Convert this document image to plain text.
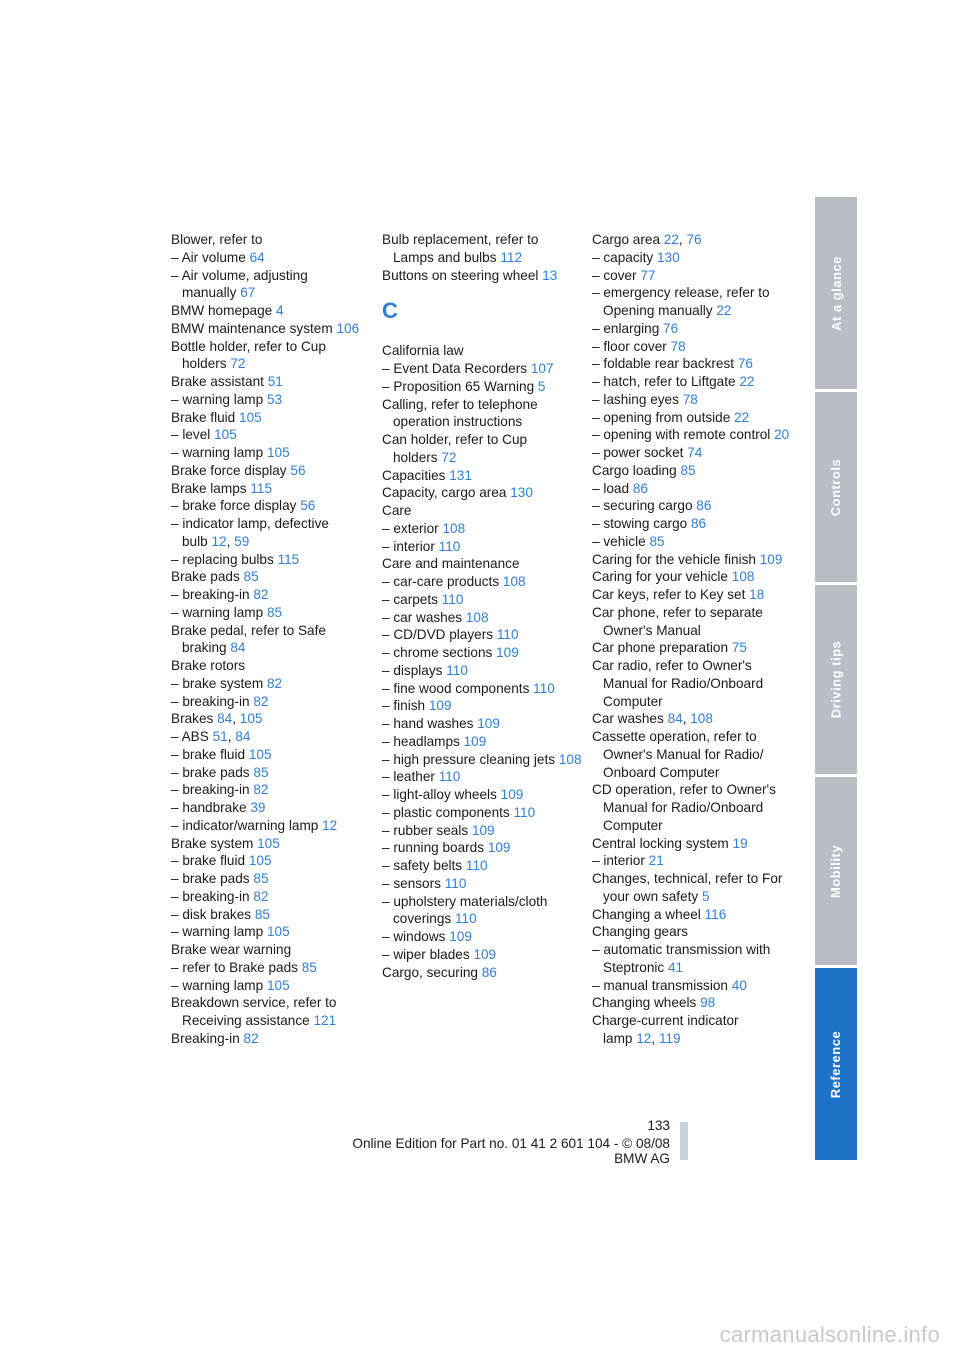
Blower, refer to

– Air volume 64

– Air volume, adjusting manually 67

BMW homepage 4

BMW maintenance system 106

Bottle holder, refer to Cup holders 72

Brake assistant 51

– warning lamp 53

Brake fluid 105

– level 105

– warning lamp 105

Brake force display 56

Brake lamps 115

– brake force display 56

– indicator lamp, defective bulb 12, 59

– replacing bulbs 115

Brake pads 85

– breaking-in 82

– warning lamp 85

Brake pedal, refer to Safe braking 84

Brake rotors

– brake system 82

– breaking-in 82

Brakes 84, 105

– ABS 51, 84

– brake fluid 105

– brake pads 85

– breaking-in 82

– handbrake 39

– indicator/warning lamp 12

Brake system 105

– brake fluid 105

– brake pads 85

– breaking-in 82

– disk brakes 85

– warning lamp 105

Brake wear warning

– refer to Brake pads 85

– warning lamp 105

Breakdown service, refer to Receiving assistance 121

Breaking-in 82

Bulb replacement, refer to Lamps and bulbs 112

Buttons on steering wheel 13

C

California law

– Event Data Recorders 107

– Proposition 65 Warning 5

Calling, refer to telephone operation instructions

Can holder, refer to Cup holders 72

Capacities 131

Capacity, cargo area 130

Care

– exterior 108

– interior 110

Care and maintenance

– car-care products 108

– carpets 110

– car washes 108

– CD/DVD players 110

– chrome sections 109

– displays 110

– fine wood components 110

– finish 109

– hand washes 109

– headlamps 109

– high pressure cleaning jets 108

– leather 110

– light-alloy wheels 109

– plastic components 110

– rubber seals 109

– running boards 109

– safety belts 110

– sensors 110

– upholstery materials/cloth coverings 110

– windows 109

– wiper blades 109

Cargo, securing 86

Cargo area 22, 76

– capacity 130

– cover 77

– emergency release, refer to Opening manually 22

– enlarging 76

– floor cover 78

– foldable rear backrest 76

– hatch, refer to Liftgate 22

– lashing eyes 78

– opening from outside 22

– opening with remote control 20

– power socket 74

Cargo loading 85

– load 86

– securing cargo 86

– stowing cargo 86

– vehicle 85

Caring for the vehicle finish 109

Caring for your vehicle 108

Car keys, refer to Key set 18

Car phone, refer to separate Owner's Manual

Car phone preparation 75

Car radio, refer to Owner's Manual for Radio/Onboard Computer

Car washes 84, 108

Cassette operation, refer to Owner's Manual for Radio/ Onboard Computer

CD operation, refer to Owner's Manual for Radio/Onboard Computer

Central locking system 19

– interior 21

Changes, technical, refer to For your own safety 5

Changing a wheel 116

Changing gears

– automatic transmission with Steptronic 41

– manual transmission 40

Changing wheels 98

Charge-current indicator lamp 12, 119

At a glance
Controls
Driving tips
Mobility
Reference
133
Online Edition for Part no. 01 41 2 601 104 - © 08/08 BMW AG
carmanualsonline.info
